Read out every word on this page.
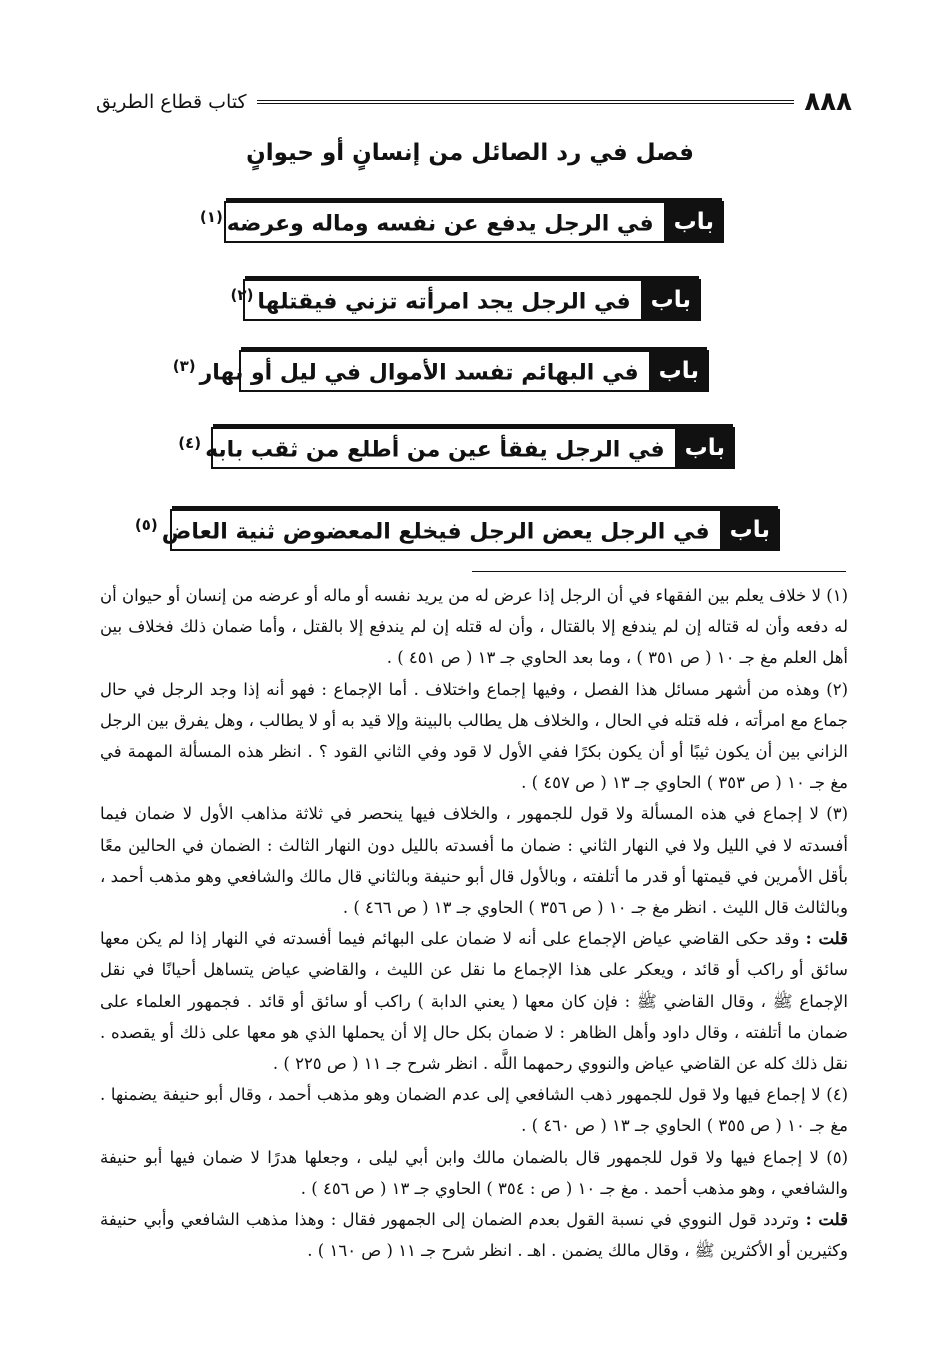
٨٨٨
كتاب قطاع الطريق
فصل في رد الصائل من إنسانٍ أو حيوانٍ
باب
في الرجل يدفع عن نفسه وماله وعرضه$^{(١)}$
باب
في الرجل يجد امرأته تزني فيقتلها$^{(٢)}$
باب
في البهائم تفسد الأموال في ليل أو نهار$^{(٣)}$
باب
في الرجل يفقأ عين من أطلع من ثقب بابه$^{(٤)}$
باب
في الرجل يعض الرجل فيخلع المعضوض ثنية العاض$^{(٥)}$

(١) لا خلاف يعلم بين الفقهاء في أن الرجل إذا عرض له من يريد نفسه أو ماله أو عرضه من إنسان أو حيوان أن له دفعه وأن له قتاله إن لم يندفع إلا بالقتال ، وأن له قتله إن لم يندفع إلا بالقتل ، وأما ضمان ذلك فخلاف بين أهل العلم مغ جـ ١٠ ( ص ٣٥١ ) ، وما بعد الحاوي جـ ١٣ ( ص ٤٥١ ) .

(٢) وهذه من أشهر مسائل هذا الفصل ، وفيها إجماع واختلاف . أما الإجماع : فهو أنه إذا وجد الرجل في حال جماع مع امرأته ، فله قتله في الحال ، والخلاف هل يطالب بالبينة وإلا قيد به أو لا يطالب ، وهل يفرق بين الرجل الزاني بين أن يكون ثيبًا أو أن يكون بكرًا ففي الأول لا قود وفي الثاني القود ؟ . انظر هذه المسألة المهمة في مغ جـ ١٠ ( ص ٣٥٣ ) الحاوي جـ ١٣ ( ص ٤٥٧ ) .

(٣) لا إجماع في هذه المسألة ولا قول للجمهور ، والخلاف فيها ينحصر في ثلاثة مذاهب الأول لا ضمان فيما أفسدته لا في الليل ولا في النهار الثاني : ضمان ما أفسدته بالليل دون النهار الثالث : الضمان في الحالين معًا بأقل الأمرين في قيمتها أو قدر ما أتلفته ، وبالأول قال أبو حنيفة وبالثاني قال مالك والشافعي وهو مذهب أحمد ، وبالثالث قال الليث . انظر مغ جـ ١٠ ( ص ٣٥٦ ) الحاوي جـ ١٣ ( ص ٤٦٦ ) .

قلت : وقد حكى القاضي عياض الإجماع على أنه لا ضمان على البهائم فيما أفسدته في النهار إذا لم يكن معها سائق أو راكب أو قائد ، ويعكر على هذا الإجماع ما نقل عن الليث ، والقاضي عياض يتساهل أحيانًا في نقل الإجماع ﷺ ، وقال القاضي ﷺ : فإن كان معها ( يعني الدابة ) راكب أو سائق أو قائد . فجمهور العلماء على ضمان ما أتلفته ، وقال داود وأهل الظاهر : لا ضمان بكل حال إلا أن يحملها الذي هو معها على ذلك أو يقصده . نقل ذلك كله عن القاضي عياض والنووي رحمهما اللَّه . انظر شرح جـ ١١ ( ص ٢٢٥ ) .

(٤) لا إجماع فيها ولا قول للجمهور ذهب الشافعي إلى عدم الضمان وهو مذهب أحمد ، وقال أبو حنيفة يضمنها . مغ جـ ١٠ ( ص ٣٥٥ ) الحاوي جـ ١٣ ( ص ٤٦٠ ) .

(٥) لا إجماع فيها ولا قول للجمهور قال بالضمان مالك وابن أبي ليلى ، وجعلها هدرًا لا ضمان فيها أبو حنيفة والشافعي ، وهو مذهب أحمد . مغ جـ ١٠ ( ص : ٣٥٤ ) الحاوي جـ ١٣ ( ص ٤٥٦ ) .

قلت : وتردد قول النووي في نسبة القول بعدم الضمان إلى الجمهور فقال : وهذا مذهب الشافعي وأبي حنيفة وكثيرين أو الأكثرين ﷺ ، وقال مالك يضمن . اهـ . انظر شرح جـ ١١ ( ص ١٦٠ ) .
